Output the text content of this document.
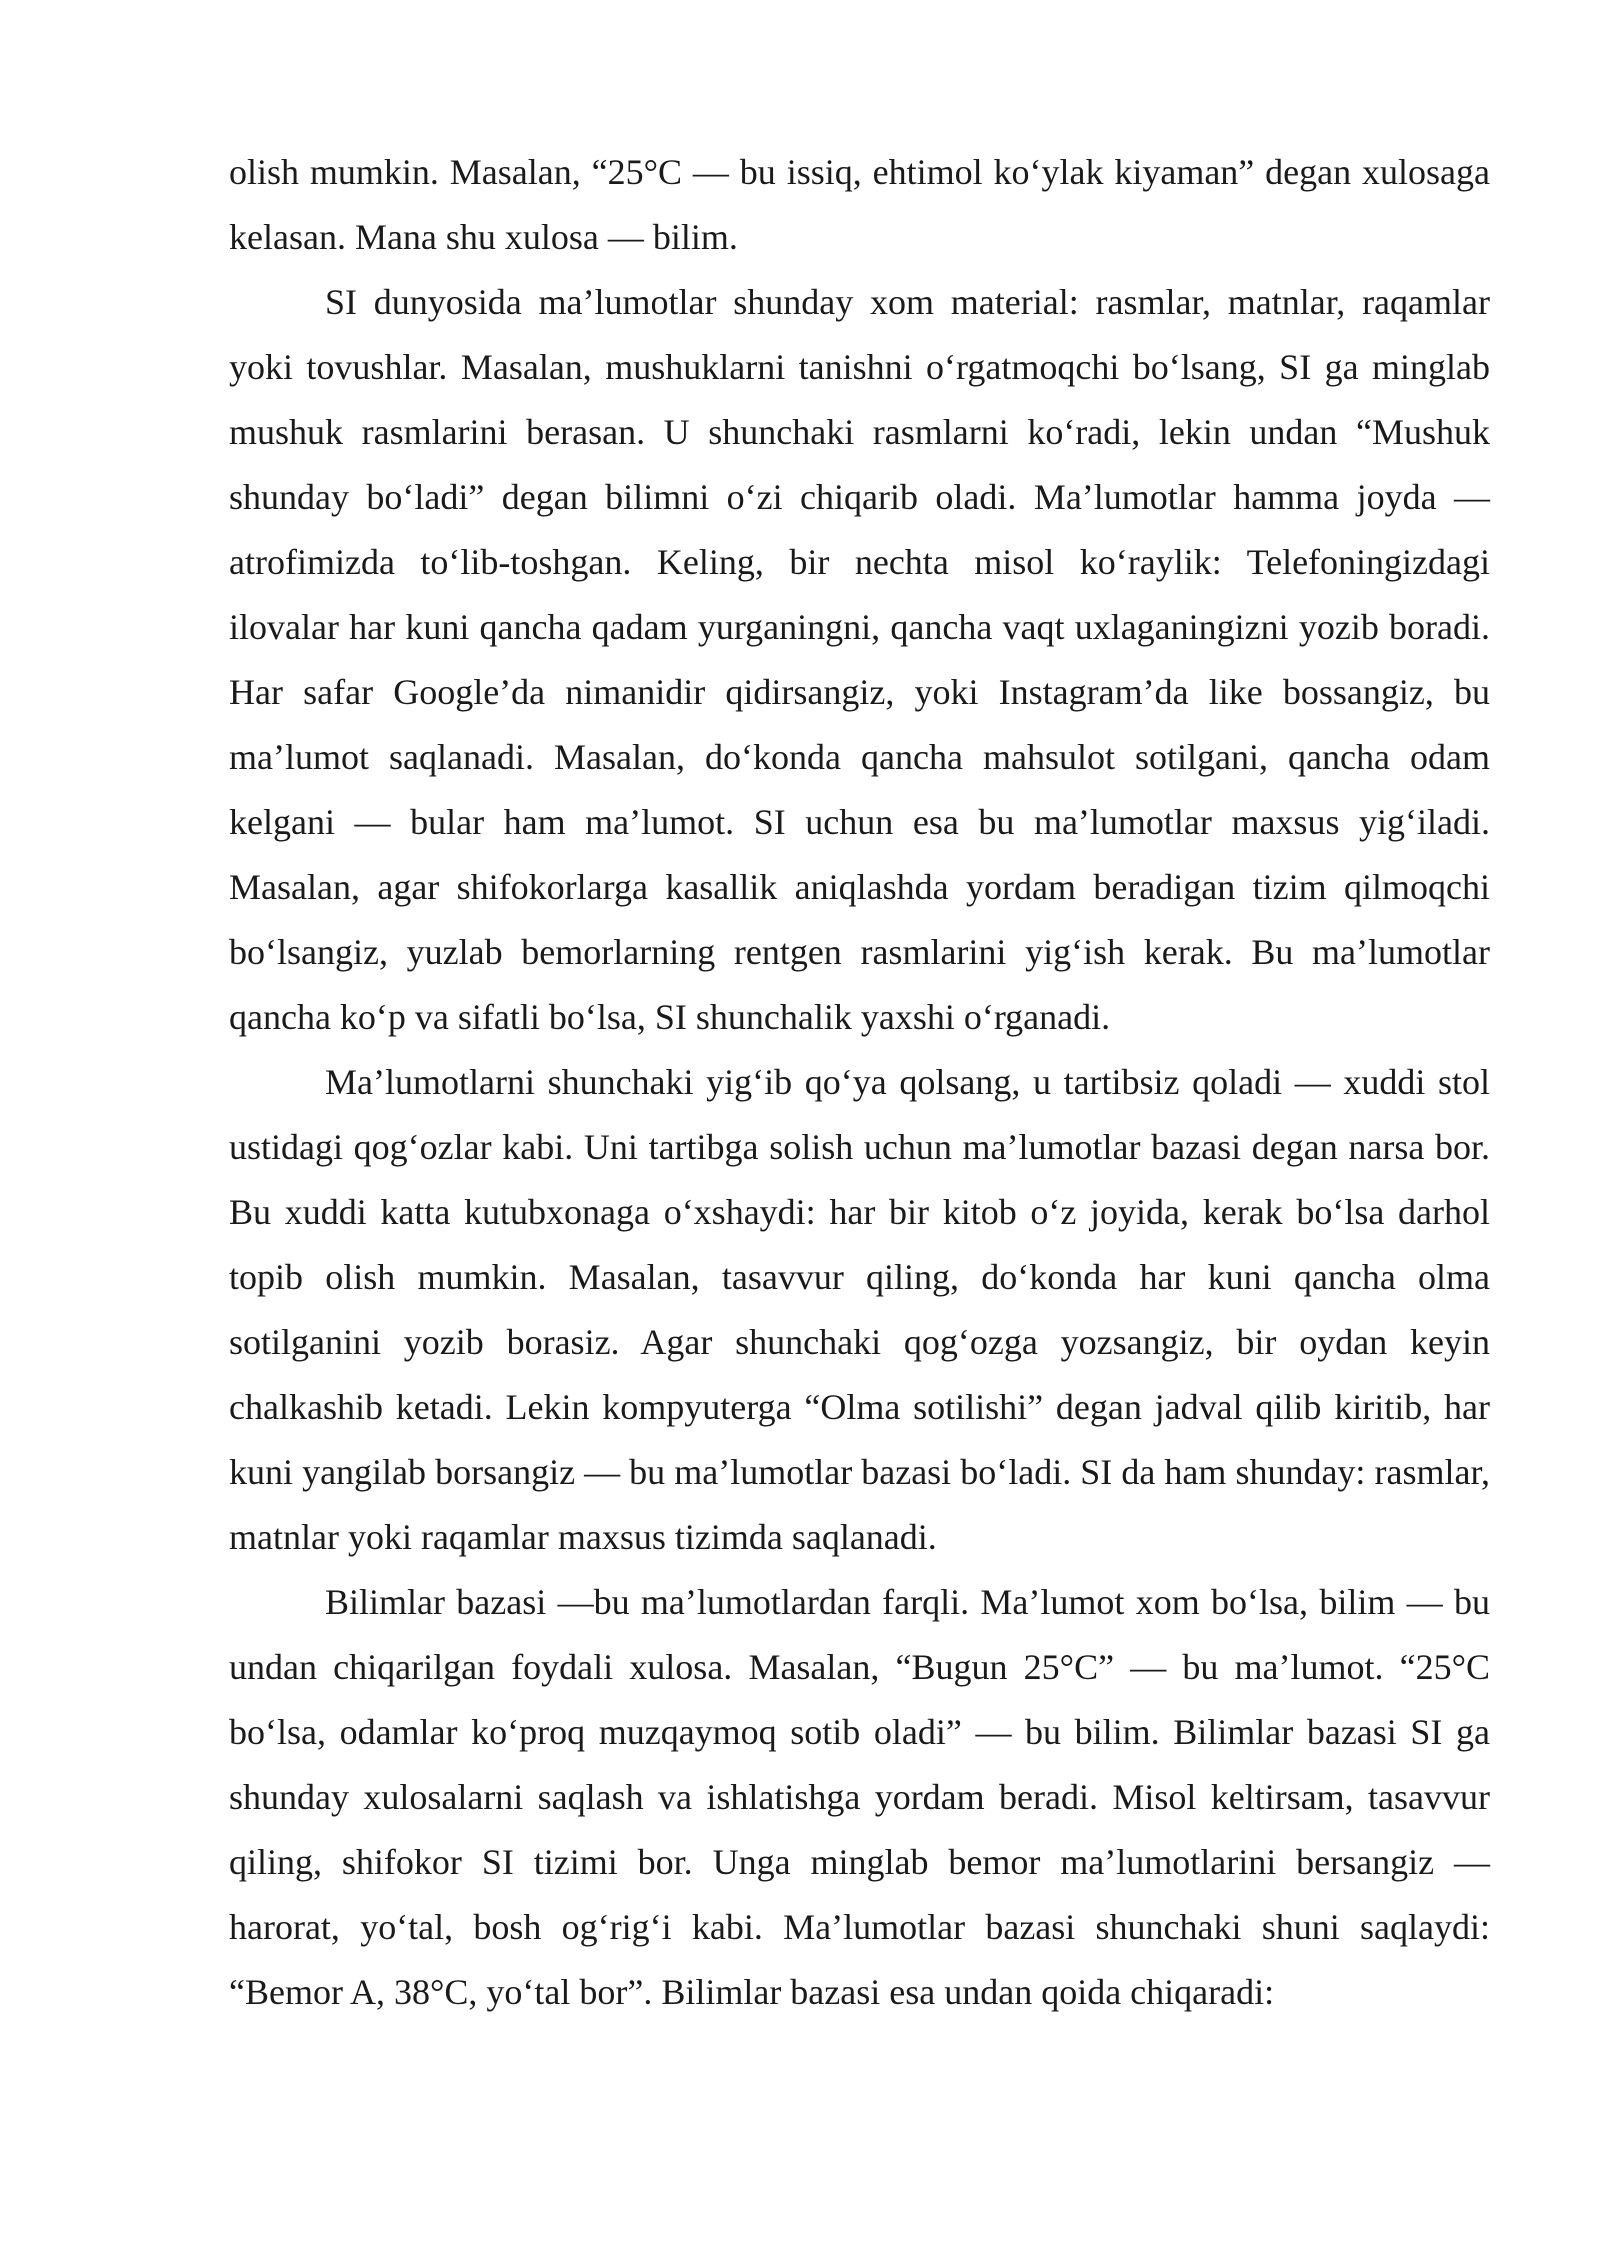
olish mumkin. Masalan, “25°C — bu issiq, ehtimol ko‘ylak kiyaman” degan xulosaga kelasan. Mana shu xulosa — bilim.

SI dunyosida ma’lumotlar shunday xom material: rasmlar, matnlar, raqamlar yoki tovushlar. Masalan, mushuklarni tanishni o‘rgatmoqchi bo‘lsang, SI ga minglab mushuk rasmlarini berasan. U shunchaki rasmlarni ko‘radi, lekin undan “Mushuk shunday bo‘ladi” degan bilimni o‘zi chiqarib oladi. Ma’lumotlar hamma joyda — atrofimizda to‘lib-toshgan. Keling, bir nechta misol ko‘raylik: Telefoningizdagi ilovalar har kuni qancha qadam yurganingni, qancha vaqt uxlaganingizni yozib boradi. Har safar Google’da nimanidir qidirsangiz, yoki Instagram’da like bossangiz, bu ma’lumot saqlanadi. Masalan, do‘konda qancha mahsulot sotilgani, qancha odam kelgani — bular ham ma’lumot. SI uchun esa bu ma’lumotlar maxsus yig‘iladi. Masalan, agar shifokorlarga kasallik aniqlashda yordam beradigan tizim qilmoqchi bo‘lsangiz, yuzlab bemorlarning rentgen rasmlarini yig‘ish kerak. Bu ma’lumotlar qancha ko‘p va sifatli bo‘lsa, SI shunchalik yaxshi o‘rganadi.

Ma’lumotlarni shunchaki yig‘ib qo‘ya qolsang, u tartibsiz qoladi — xuddi stol ustidagi qog‘ozlar kabi. Uni tartibga solish uchun ma’lumotlar bazasi degan narsa bor. Bu xuddi katta kutubxonaga o‘xshaydi: har bir kitob o‘z joyida, kerak bo‘lsa darhol topib olish mumkin. Masalan, tasavvur qiling, do‘konda har kuni qancha olma sotilganini yozib borasiz. Agar shunchaki qog‘ozga yozsangiz, bir oydan keyin chalkashib ketadi. Lekin kompyuterga “Olma sotilishi” degan jadval qilib kiritib, har kuni yangilab borsangiz — bu ma’lumotlar bazasi bo‘ladi. SI da ham shunday: rasmlar, matnlar yoki raqamlar maxsus tizimda saqlanadi.

Bilimlar bazasi —bu ma’lumotlardan farqli. Ma’lumot xom bo‘lsa, bilim — bu undan chiqarilgan foydali xulosa. Masalan, “Bugun 25°C” — bu ma’lumot. “25°C bo‘lsa, odamlar ko‘proq muzqaymoq sotib oladi” — bu bilim. Bilimlar bazasi SI ga shunday xulosalarni saqlash va ishlatishga yordam beradi. Misol keltirsam, tasavvur qiling, shifokor SI tizimi bor. Unga minglab bemor ma’lumotlarini bersangiz — harorat, yo‘tal, bosh og‘rig‘i kabi. Ma’lumotlar bazasi shunchaki shuni saqlaydi: “Bemor A, 38°C, yo‘tal bor”. Bilimlar bazasi esa undan qoida chiqaradi:
